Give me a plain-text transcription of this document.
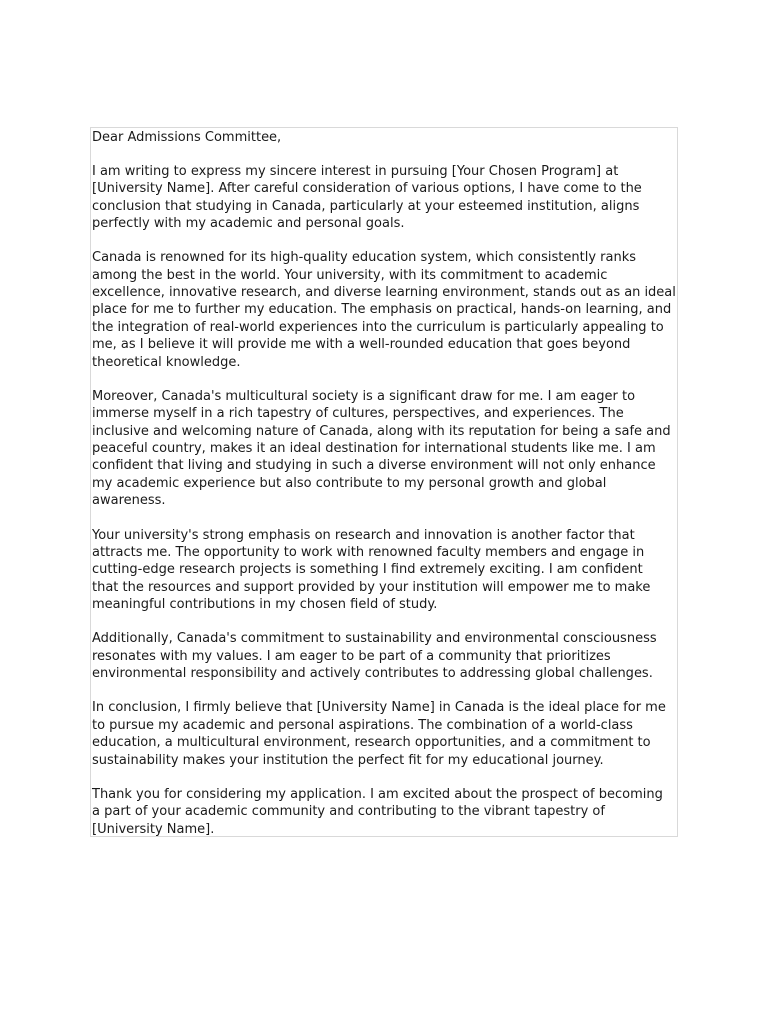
Dear Admissions Committee,
I am writing to express my sincere interest in pursuing [Your Chosen Program] at
[University Name]. After careful consideration of various options, I have come to the
conclusion that studying in Canada, particularly at your esteemed institution, aligns
perfectly with my academic and personal goals.
Canada is renowned for its high-quality education system, which consistently ranks
among the best in the world. Your university, with its commitment to academic
excellence, innovative research, and diverse learning environment, stands out as an ideal
place for me to further my education. The emphasis on practical, hands-on learning, and
the integration of real-world experiences into the curriculum is particularly appealing to
me, as I believe it will provide me with a well-rounded education that goes beyond
theoretical knowledge.
Moreover, Canada's multicultural society is a significant draw for me. I am eager to
immerse myself in a rich tapestry of cultures, perspectives, and experiences. The
inclusive and welcoming nature of Canada, along with its reputation for being a safe and
peaceful country, makes it an ideal destination for international students like me. I am
confident that living and studying in such a diverse environment will not only enhance
my academic experience but also contribute to my personal growth and global
awareness.
Your university's strong emphasis on research and innovation is another factor that
attracts me. The opportunity to work with renowned faculty members and engage in
cutting-edge research projects is something I find extremely exciting. I am confident
that the resources and support provided by your institution will empower me to make
meaningful contributions in my chosen field of study.
Additionally, Canada's commitment to sustainability and environmental consciousness
resonates with my values. I am eager to be part of a community that prioritizes
environmental responsibility and actively contributes to addressing global challenges.
In conclusion, I firmly believe that [University Name] in Canada is the ideal place for me
to pursue my academic and personal aspirations. The combination of a world-class
education, a multicultural environment, research opportunities, and a commitment to
sustainability makes your institution the perfect fit for my educational journey.
Thank you for considering my application. I am excited about the prospect of becoming
a part of your academic community and contributing to the vibrant tapestry of
[University Name].
